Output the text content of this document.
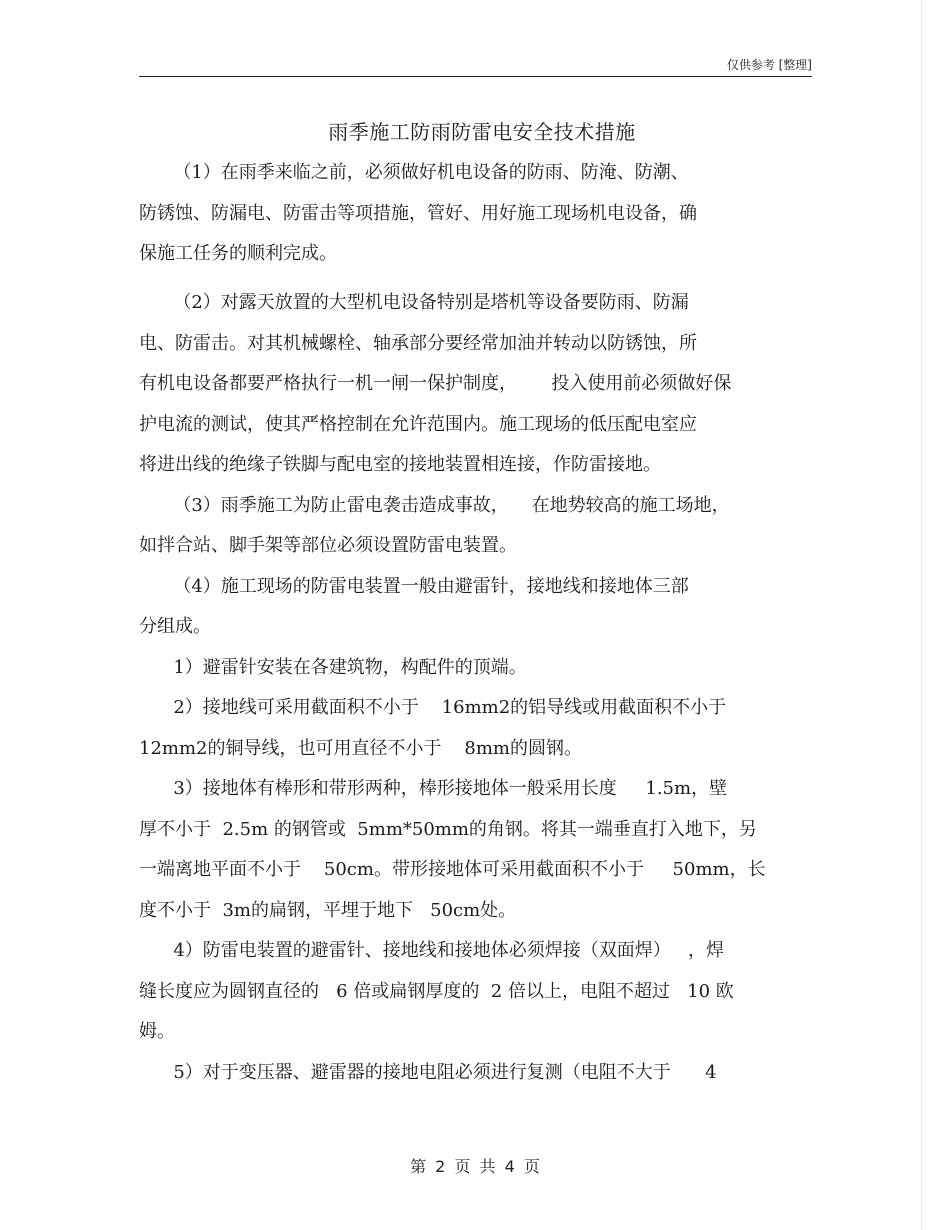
仅供参考 [整理]
雨季施工防雨防雷电安全技术措施
（1）在雨季来临之前，必须做好机电设备的防雨、防淹、防潮、
防锈蚀、防漏电、防雷击等项措施，管好、用好施工现场机电设备，确
保施工任务的顺利完成。
（2）对露天放置的大型机电设备特别是塔机等设备要防雨、防漏
电、防雷击。对其机械螺栓、轴承部分要经常加油并转动以防锈蚀，所
有机电设备都要严格执行一机一闸一保护制度，      投入使用前必须做好保
护电流的测试，使其严格控制在允许范围内。施工现场的低压配电室应
将进出线的绝缘子铁脚与配电室的接地装置相连接，作防雷接地。
（3）雨季施工为防止雷电袭击造成事故，    在地势较高的施工场地，
如拌合站、脚手架等部位必须设置防雷电装置。
（4）施工现场的防雷电装置一般由避雷针，接地线和接地体三部
分组成。
1）避雷针安装在各建筑物，构配件的顶端。
2）接地线可采用截面积不小于    16mm2的铝导线或用截面积不小于
12mm2的铜导线，也可用直径不小于    8mm的圆钢。
3）接地体有棒形和带形两种，棒形接地体一般采用长度     1.5m，壁
厚不小于  2.5m 的钢管或  5mm*50mm的角钢。将其一端垂直打入地下，另
一端离地平面不小于    50cm。带形接地体可采用截面积不小于     50mm，长
度不小于  3m的扁钢，平埋于地下   50cm处。
4）防雷电装置的避雷针、接地线和接地体必须焊接（双面焊）   ，焊
缝长度应为圆钢直径的   6 倍或扁钢厚度的  2 倍以上，电阻不超过   10 欧
姆。
5）对于变压器、避雷器的接地电阻必须进行复测（电阻不大于      4
第 2 页 共 4 页
